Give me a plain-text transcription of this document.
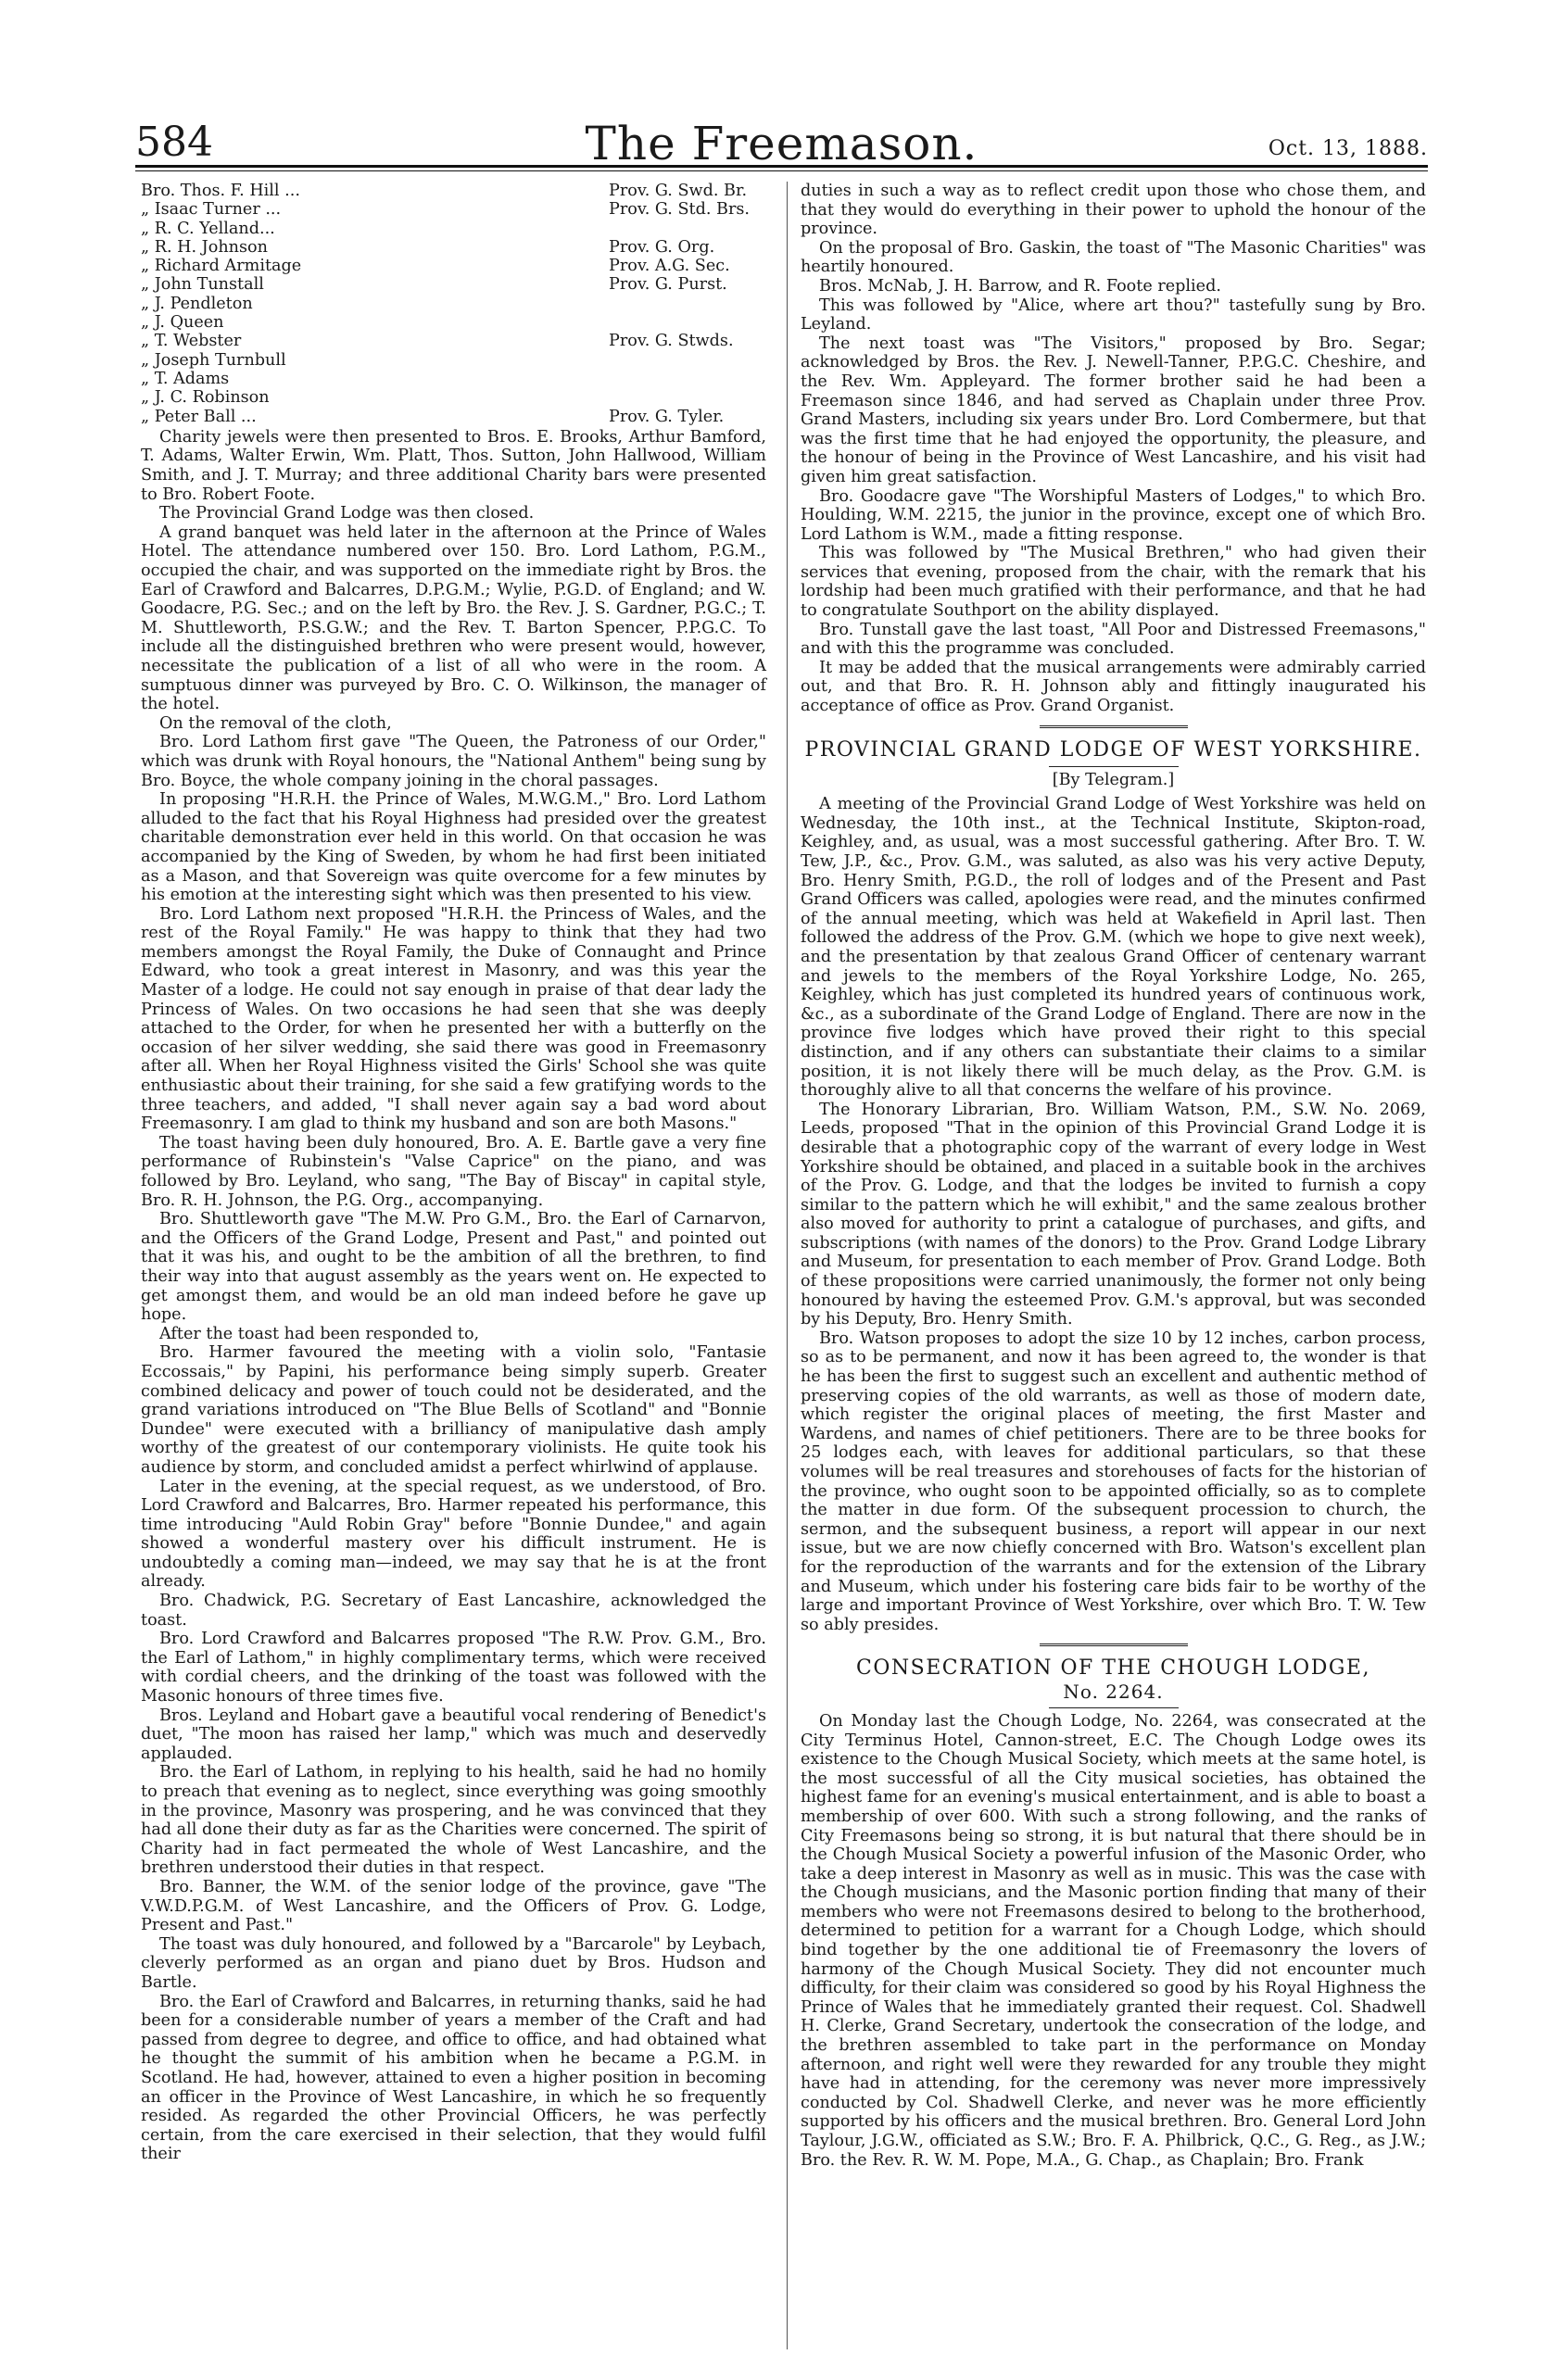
584	The Freemason.	Oct. 13, 1888.
Bro. Thos. F. Hill ...	Prov. G. Swd. Br.
„ Isaac Turner ...	Prov. G. Std. Brs.
„ R. C. Yelland...
„ R. H. Johnson	Prov. G. Org.
„ Richard Armitage	Prov. A.G. Sec.
„ John Tunstall	Prov. G. Purst.
„ J. Pendleton
„ J. Queen
„ T. Webster	Prov. G. Stwds.
„ Joseph Turnbull
„ T. Adams
„ J. C. Robinson
„ Peter Ball ...	Prov. G. Tyler.

Charity jewels were then presented to Bros. E. Brooks, Arthur Bamford, T. Adams, Walter Erwin, Wm. Platt, Thos. Sutton, John Hallwood, William Smith, and J. T. Murray; and three additional Charity bars were presented to Bro. Robert Foote.

The Provincial Grand Lodge was then closed.

A grand banquet was held later in the afternoon at the Prince of Wales Hotel. The attendance numbered over 150. Bro. Lord Lathom, P.G.M., occupied the chair, and was supported on the immediate right by Bros. the Earl of Crawford and Balcarres, D.P.G.M.; Wylie, P.G.D. of England; and W. Goodacre, P.G. Sec.; and on the left by Bro. the Rev. J. S. Gardner, P.G.C.; T. M. Shuttleworth, P.S.G.W.; and the Rev. T. Barton Spencer, P.P.G.C. To include all the distinguished brethren who were present would, however, necessitate the publication of a list of all who were in the room. A sumptuous dinner was purveyed by Bro. C. O. Wilkinson, the manager of the hotel.

On the removal of the cloth,

Bro. Lord Lathom first gave "The Queen, the Patroness of our Order," which was drunk with Royal honours, the "National Anthem" being sung by Bro. Boyce, the whole company joining in the choral passages.

In proposing "H.R.H. the Prince of Wales, M.W.G.M.," Bro. Lord Lathom alluded to the fact that his Royal Highness had presided over the greatest charitable demonstration ever held in this world. On that occasion he was accompanied by the King of Sweden, by whom he had first been initiated as a Mason, and that Sovereign was quite overcome for a few minutes by his emotion at the interesting sight which was then presented to his view.

Bro. Lord Lathom next proposed "H.R.H. the Princess of Wales, and the rest of the Royal Family." He was happy to think that they had two members amongst the Royal Family, the Duke of Connaught and Prince Edward, who took a great interest in Masonry, and was this year the Master of a lodge. He could not say enough in praise of that dear lady the Princess of Wales. On two occasions he had seen that she was deeply attached to the Order, for when he presented her with a butterfly on the occasion of her silver wedding, she said there was good in Freemasonry after all. When her Royal Highness visited the Girls' School she was quite enthusiastic about their training, for she said a few gratifying words to the three teachers, and added, "I shall never again say a bad word about Freemasonry. I am glad to think my husband and son are both Masons."

The toast having been duly honoured, Bro. A. E. Bartle gave a very fine performance of Rubinstein's "Valse Caprice" on the piano, and was followed by Bro. Leyland, who sang, "The Bay of Biscay" in capital style, Bro. R. H. Johnson, the P.G. Org., accompanying.

Bro. Shuttleworth gave "The M.W. Pro G.M., Bro. the Earl of Carnarvon, and the Officers of the Grand Lodge, Present and Past," and pointed out that it was his, and ought to be the ambition of all the brethren, to find their way into that august assembly as the years went on. He expected to get amongst them, and would be an old man indeed before he gave up hope.

After the toast had been responded to,

Bro. Harmer favoured the meeting with a violin solo, "Fantasie Eccossais," by Papini, his performance being simply superb. Greater combined delicacy and power of touch could not be desiderated, and the grand variations introduced on "The Blue Bells of Scotland" and "Bonnie Dundee" were executed with a brilliancy of manipulative dash amply worthy of the greatest of our contemporary violinists. He quite took his audience by storm, and concluded amidst a perfect whirlwind of applause.

Later in the evening, at the special request, as we understood, of Bro. Lord Crawford and Balcarres, Bro. Harmer repeated his performance, this time introducing "Auld Robin Gray" before "Bonnie Dundee," and again showed a wonderful mastery over his difficult instrument. He is undoubtedly a coming man—indeed, we may say that he is at the front already.

Bro. Chadwick, P.G. Secretary of East Lancashire, acknowledged the toast.

Bro. Lord Crawford and Balcarres proposed "The R.W. Prov. G.M., Bro. the Earl of Lathom," in highly complimentary terms, which were received with cordial cheers, and the drinking of the toast was followed with the Masonic honours of three times five.

Bros. Leyland and Hobart gave a beautiful vocal rendering of Benedict's duet, "The moon has raised her lamp," which was much and deservedly applauded.

Bro. the Earl of Lathom, in replying to his health, said he had no homily to preach that evening as to neglect, since everything was going smoothly in the province, Masonry was prospering, and he was convinced that they had all done their duty as far as the Charities were concerned. The spirit of Charity had in fact permeated the whole of West Lancashire, and the brethren understood their duties in that respect.

Bro. Banner, the W.M. of the senior lodge of the province, gave "The V.W.D.P.G.M. of West Lancashire, and the Officers of Prov. G. Lodge, Present and Past."

The toast was duly honoured, and followed by a "Barcarole" by Leybach, cleverly performed as an organ and piano duet by Bros. Hudson and Bartle.

Bro. the Earl of Crawford and Balcarres, in returning thanks, said he had been for a considerable number of years a member of the Craft and had passed from degree to degree, and office to office, and had obtained what he thought the summit of his ambition when he became a P.G.M. in Scotland. He had, however, attained to even a higher position in becoming an officer in the Province of West Lancashire, in which he so frequently resided. As regarded the other Provincial Officers, he was perfectly certain, from the care exercised in their selection, that they would fulfil their

duties in such a way as to reflect credit upon those who chose them, and that they would do everything in their power to uphold the honour of the province.

On the proposal of Bro. Gaskin, the toast of "The Masonic Charities" was heartily honoured.

Bros. McNab, J. H. Barrow, and R. Foote replied.

This was followed by "Alice, where art thou?" tastefully sung by Bro. Leyland.

The next toast was "The Visitors," proposed by Bro. Segar; acknowledged by Bros. the Rev. J. Newell-Tanner, P.P.G.C. Cheshire, and the Rev. Wm. Appleyard. The former brother said he had been a Freemason since 1846, and had served as Chaplain under three Prov. Grand Masters, including six years under Bro. Lord Combermere, but that was the first time that he had enjoyed the opportunity, the pleasure, and the honour of being in the Province of West Lancashire, and his visit had given him great satisfaction.

Bro. Goodacre gave "The Worshipful Masters of Lodges," to which Bro. Houlding, W.M. 2215, the junior in the province, except one of which Bro. Lord Lathom is W.M., made a fitting response.

This was followed by "The Musical Brethren," who had given their services that evening, proposed from the chair, with the remark that his lordship had been much gratified with their performance, and that he had to congratulate Southport on the ability displayed.

Bro. Tunstall gave the last toast, "All Poor and Distressed Freemasons," and with this the programme was concluded.

It may be added that the musical arrangements were admirably carried out, and that Bro. R. H. Johnson ably and fittingly inaugurated his acceptance of office as Prov. Grand Organist.

PROVINCIAL GRAND LODGE OF WEST YORKSHIRE.

[By Telegram.]

A meeting of the Provincial Grand Lodge of West Yorkshire was held on Wednesday, the 10th inst., at the Technical Institute, Skipton-road, Keighley, and, as usual, was a most successful gathering. After Bro. T. W. Tew, J.P., &c., Prov. G.M., was saluted, as also was his very active Deputy, Bro. Henry Smith, P.G.D., the roll of lodges and of the Present and Past Grand Officers was called, apologies were read, and the minutes confirmed of the annual meeting, which was held at Wakefield in April last. Then followed the address of the Prov. G.M. (which we hope to give next week), and the presentation by that zealous Grand Officer of centenary warrant and jewels to the members of the Royal Yorkshire Lodge, No. 265, Keighley, which has just completed its hundred years of continuous work, &c., as a subordinate of the Grand Lodge of England. There are now in the province five lodges which have proved their right to this special distinction, and if any others can substantiate their claims to a similar position, it is not likely there will be much delay, as the Prov. G.M. is thoroughly alive to all that concerns the welfare of his province.

The Honorary Librarian, Bro. William Watson, P.M., S.W. No. 2069, Leeds, proposed "That in the opinion of this Provincial Grand Lodge it is desirable that a photographic copy of the warrant of every lodge in West Yorkshire should be obtained, and placed in a suitable book in the archives of the Prov. G. Lodge, and that the lodges be invited to furnish a copy similar to the pattern which he will exhibit," and the same zealous brother also moved for authority to print a catalogue of purchases, and gifts, and subscriptions (with names of the donors) to the Prov. Grand Lodge Library and Museum, for presentation to each member of Prov. Grand Lodge. Both of these propositions were carried unanimously, the former not only being honoured by having the esteemed Prov. G.M.'s approval, but was seconded by his Deputy, Bro. Henry Smith.

Bro. Watson proposes to adopt the size 10 by 12 inches, carbon process, so as to be permanent, and now it has been agreed to, the wonder is that he has been the first to suggest such an excellent and authentic method of preserving copies of the old warrants, as well as those of modern date, which register the original places of meeting, the first Master and Wardens, and names of chief petitioners. There are to be three books for 25 lodges each, with leaves for additional particulars, so that these volumes will be real treasures and storehouses of facts for the historian of the province, who ought soon to be appointed officially, so as to complete the matter in due form. Of the subsequent procession to church, the sermon, and the subsequent business, a report will appear in our next issue, but we are now chiefly concerned with Bro. Watson's excellent plan for the reproduction of the warrants and for the extension of the Library and Museum, which under his fostering care bids fair to be worthy of the large and important Province of West Yorkshire, over which Bro. T. W. Tew so ably presides.

CONSECRATION OF THE CHOUGH LODGE,

No. 2264.

On Monday last the Chough Lodge, No. 2264, was consecrated at the City Terminus Hotel, Cannon-street, E.C. The Chough Lodge owes its existence to the Chough Musical Society, which meets at the same hotel, is the most successful of all the City musical societies, has obtained the highest fame for an evening's musical entertainment, and is able to boast a membership of over 600. With such a strong following, and the ranks of City Freemasons being so strong, it is but natural that there should be in the Chough Musical Society a powerful infusion of the Masonic Order, who take a deep interest in Masonry as well as in music. This was the case with the Chough musicians, and the Masonic portion finding that many of their members who were not Freemasons desired to belong to the brotherhood, determined to petition for a warrant for a Chough Lodge, which should bind together by the one additional tie of Freemasonry the lovers of harmony of the Chough Musical Society. They did not encounter much difficulty, for their claim was considered so good by his Royal Highness the Prince of Wales that he immediately granted their request. Col. Shadwell H. Clerke, Grand Secretary, undertook the consecration of the lodge, and the brethren assembled to take part in the performance on Monday afternoon, and right well were they rewarded for any trouble they might have had in attending, for the ceremony was never more impressively conducted by Col. Shadwell Clerke, and never was he more efficiently supported by his officers and the musical brethren. Bro. General Lord John Taylour, J.G.W., officiated as S.W.; Bro. F. A. Philbrick, Q.C., G. Reg., as J.W.; Bro. the Rev. R. W. M. Pope, M.A., G. Chap., as Chaplain; Bro. Frank
